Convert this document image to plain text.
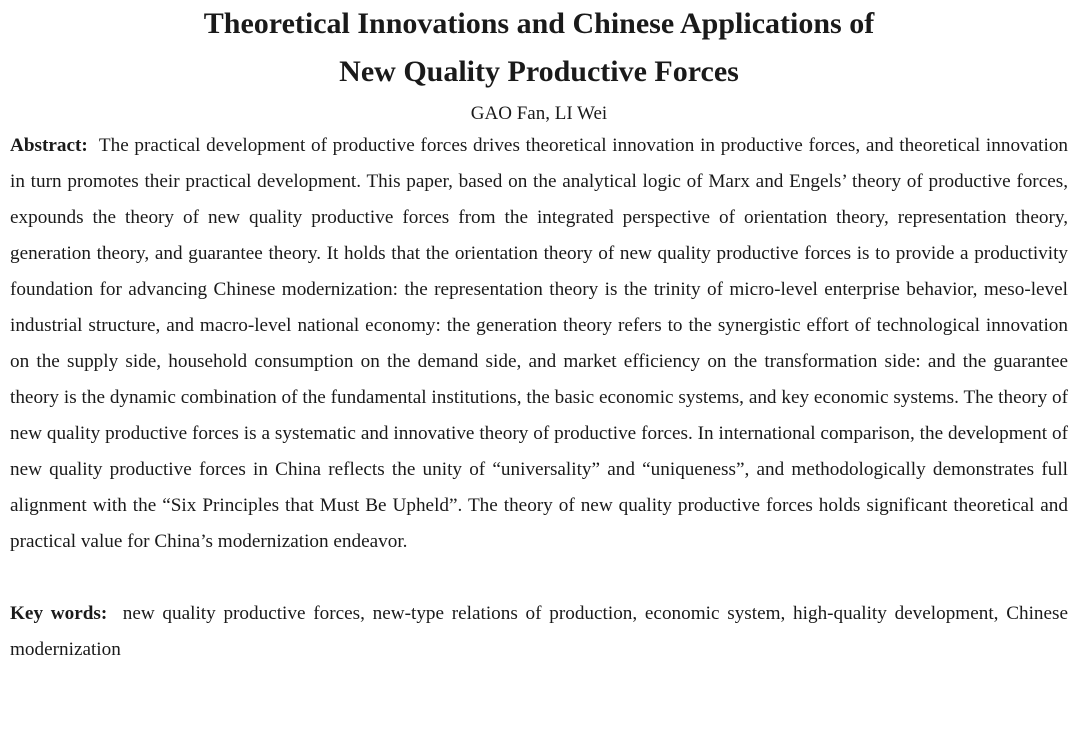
Theoretical Innovations and Chinese Applications of
New Quality Productive Forces
GAO Fan, LI Wei

Abstract: The practical development of productive forces drives theoretical innovation in productive forces, and theoretical innovation in turn promotes their practical development. This paper, based on the analytical logic of Marx and Engels’ theory of productive forces, expounds the theory of new quality productive forces from the integrated perspective of orientation theory, representation theory, generation theory, and guarantee theory. It holds that the orientation theory of new quality productive forces is to provide a productivity foundation for advancing Chinese modernization: the representation theory is the trinity of micro-level enterprise behavior, meso-level industrial structure, and macro-level national economy: the generation theory refers to the synergistic effort of technological innovation on the supply side, household consumption on the demand side, and market efficiency on the transformation side: and the guarantee theory is the dynamic combination of the fundamental institutions, the basic economic systems, and key economic systems. The theory of new quality productive forces is a systematic and innovative theory of productive forces. In international comparison, the development of new quality productive forces in China reflects the unity of “universality” and “uniqueness”, and methodologically demonstrates full alignment with the “Six Principles that Must Be Upheld”. The theory of new quality productive forces holds significant theoretical and practical value for China’s modernization endeavor.

Key words: new quality productive forces, new-type relations of production, economic system, high-quality development, Chinese modernization
